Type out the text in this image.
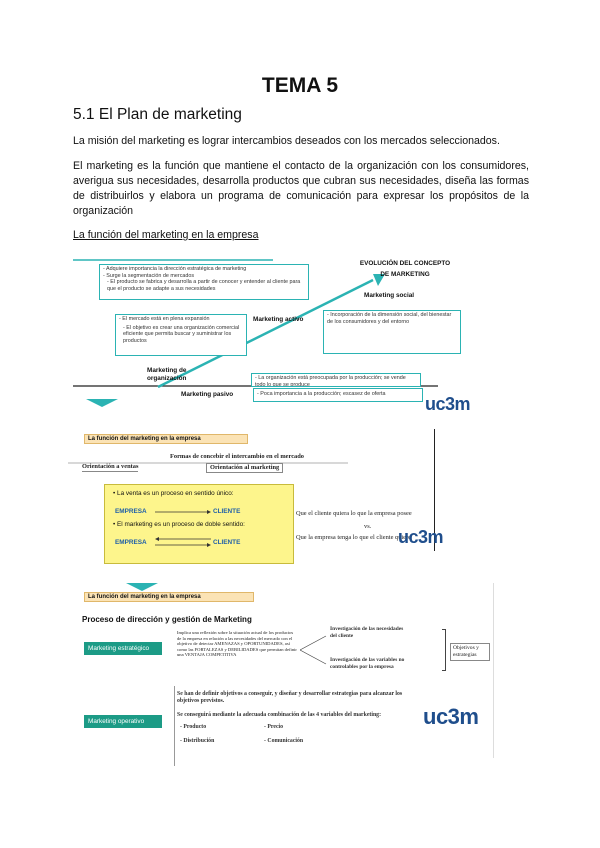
TEMA 5
5.1 El Plan de marketing
La misión del marketing es lograr intercambios deseados con los mercados seleccionados.
El marketing es la función que mantiene el contacto de la organización con los consumidores, averigua sus necesidades, desarrolla productos que cubran sus necesidades, diseña las formas de distribuirlos y elabora un programa de comunicación para expresar los propósitos de la organización
La función del marketing en la empresa
EVOLUCIÓN DEL CONCEPTO
DE MARKETING
Marketing social
Marketing activo
Marketing de
organización
Marketing pasivo
- Adquiere importancia la dirección estratégica de marketing
- Surge la segmentación de mercados
- El producto se fabrica y desarrolla a partir de conocer y entender al cliente para que el producto se adapte a sus necesidades
- El mercado está en plena expansión
- El objetivo es crear una organización comercial eficiente que permita buscar y suministrar los productos
- Incorporación de la dimensión social, del bienestar de los consumidores y del entorno
- La organización está preocupada por la producción; se vende todo lo que se produce
uc3m
- Poca importancia a la producción; escasez de oferta
La función del marketing en la empresa
Formas de concebir el intercambio en el mercado
Orientación a ventas	Orientación al marketing
• La venta es un proceso en sentido único:
EMPRESA	CLIENTE
• El marketing es un proceso de doble sentido:
EMPRESA	CLIENTE
Que el cliente quiera lo que la empresa posee
vs.
Que la empresa tenga lo que el cliente quiere
uc3m
La función del marketing en la empresa
Proceso de dirección y gestión de Marketing
Marketing estratégico
Implica una reflexión sobre la situación actual de los productos de la empresa en relación a las necesidades del mercado con el objetivo de detectar AMENAZAS y OPORTUNIDADES, así como las FORTALEZAS y DEBILIDADES que permitan definir una VENTAJA COMPETITIVA
Investigación de las necesidades del cliente
Investigación de las variables no controlables por la empresa
Objetivos y estrategias
Marketing operativo
Se han de definir objetivos a conseguir, y diseñar y desarrollar estrategias para alcanzar los objetivos previstos.
Se conseguirá mediante la adecuada combinación de las 4 variables del marketing:
- Producto	- Precio
- Distribución	- Comunicación
uc3m
